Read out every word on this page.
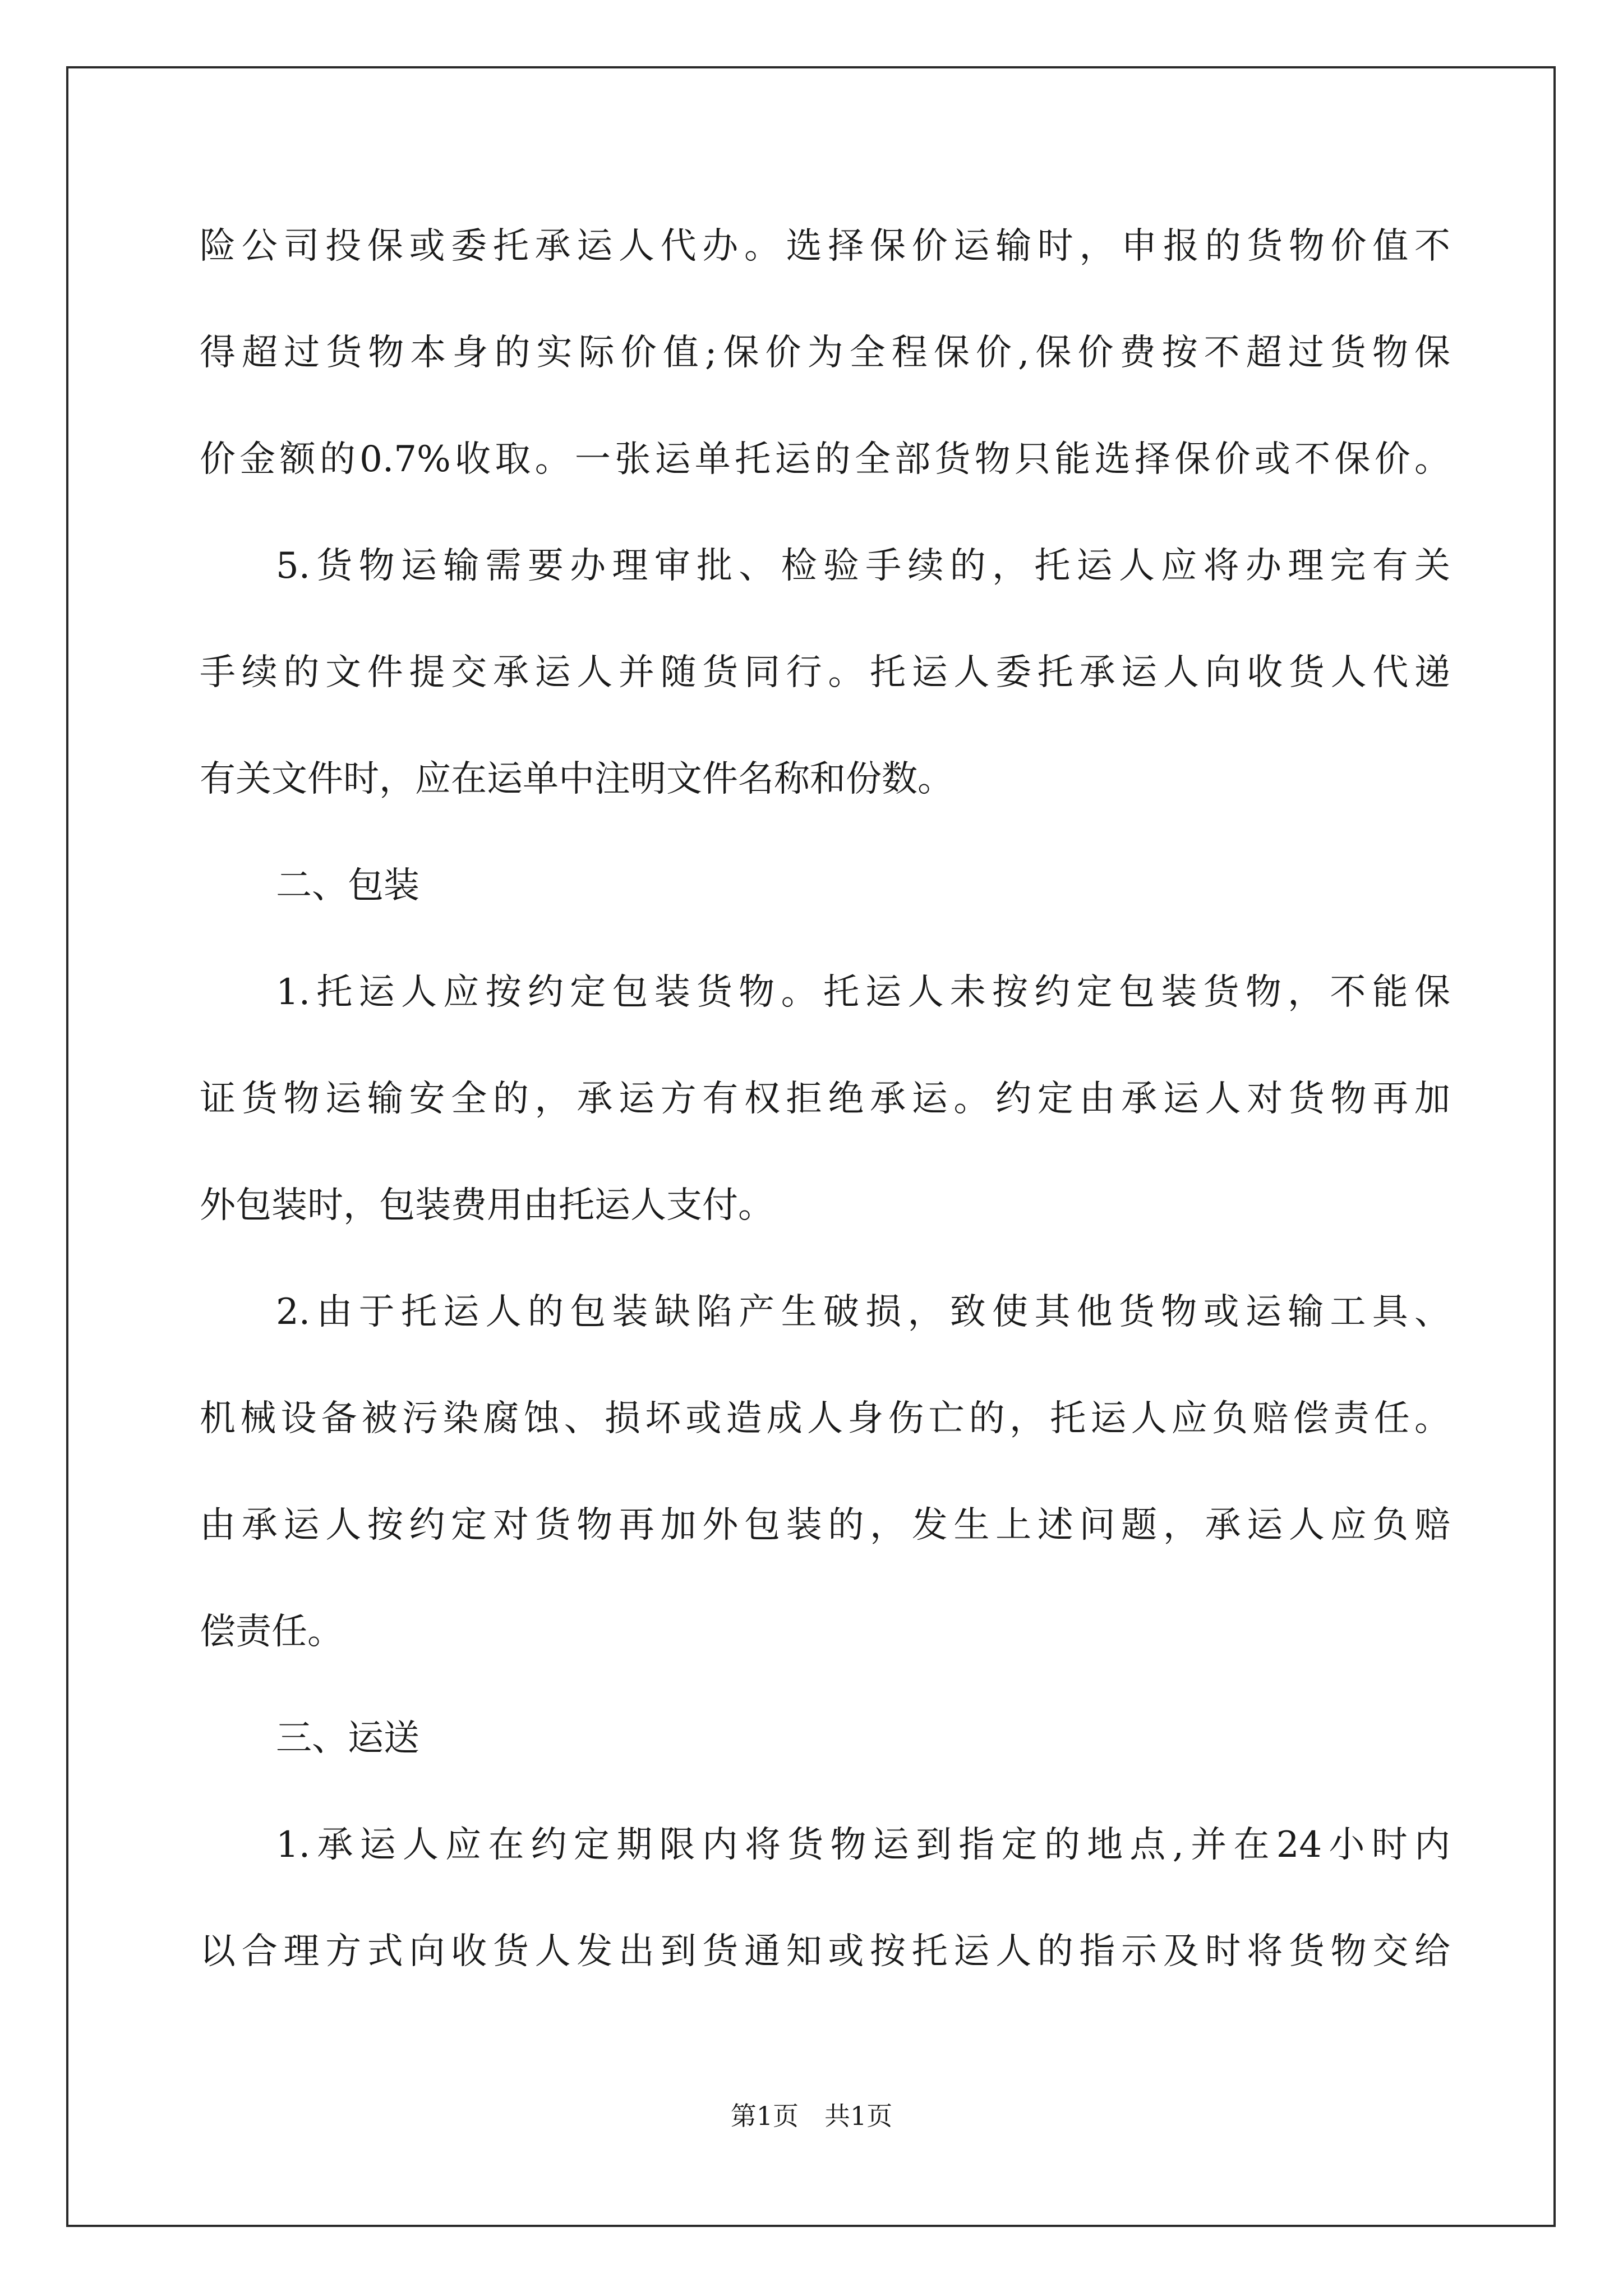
险公司投保或委托承运人代办。选择保价运输时，申报的货物价值不
得超过货物本身的实际价值;保价为全程保价,保价费按不超过货物保
价金额的0.7%收取。一张运单托运的全部货物只能选择保价或不保价。
5.货物运输需要办理审批、检验手续的，托运人应将办理完有关
手续的文件提交承运人并随货同行。托运人委托承运人向收货人代递
有关文件时，应在运单中注明文件名称和份数。
二、包装
1.托运人应按约定包装货物。托运人未按约定包装货物，不能保
证货物运输安全的，承运方有权拒绝承运。约定由承运人对货物再加
外包装时，包装费用由托运人支付。
2.由于托运人的包装缺陷产生破损，致使其他货物或运输工具、
机械设备被污染腐蚀、损坏或造成人身伤亡的，托运人应负赔偿责任。
由承运人按约定对货物再加外包装的，发生上述问题，承运人应负赔
偿责任。
三、运送
1.承运人应在约定期限内将货物运到指定的地点,并在24小时内
以合理方式向收货人发出到货通知或按托运人的指示及时将货物交给
第1页　共1页
